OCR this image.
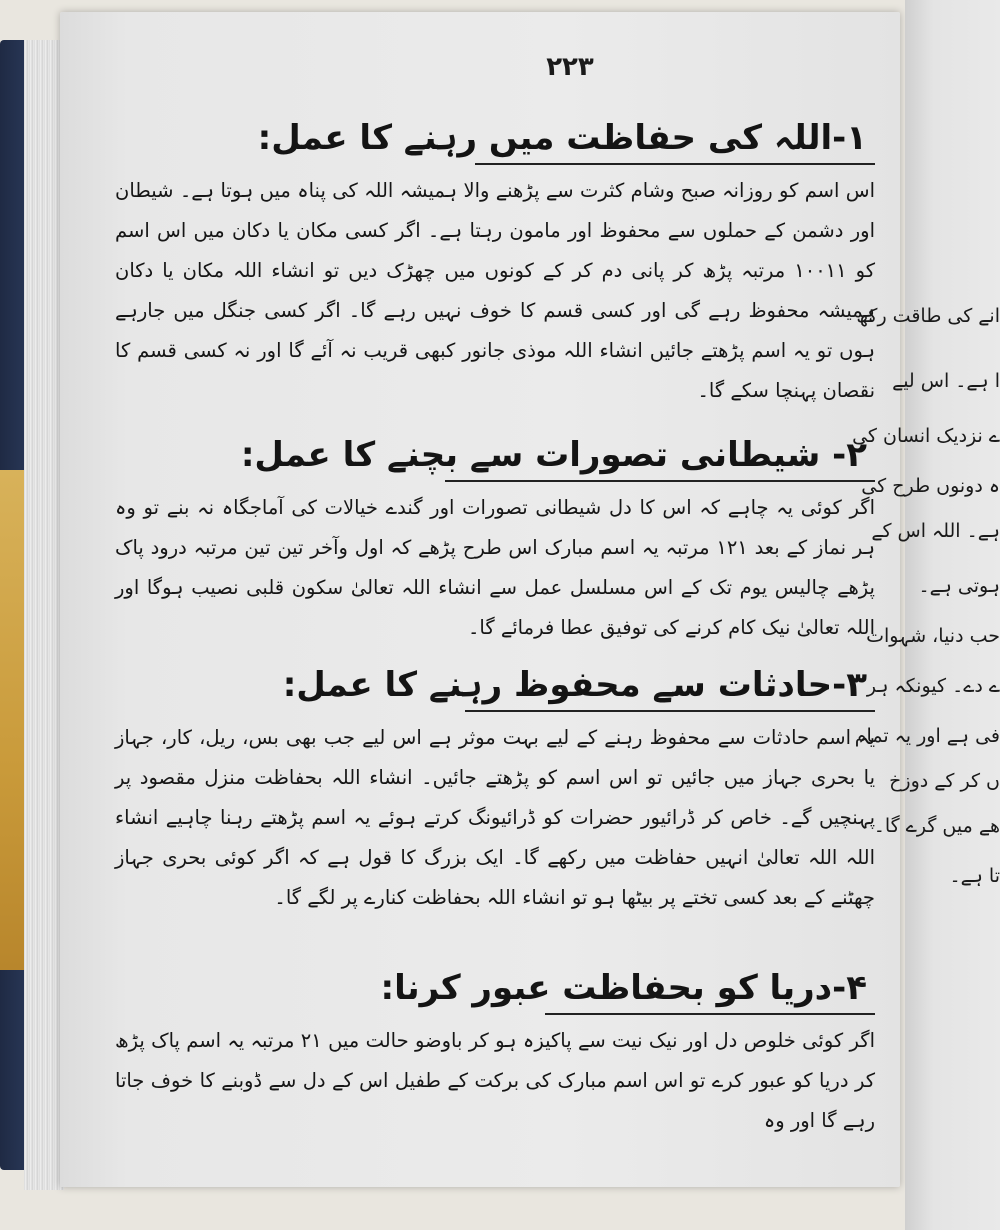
۲۲۳
۱-اللہ کی حفاظت میں رہنے کا عمل:
اس اسم کو روزانہ صبح وشام کثرت سے پڑھنے والا ہمیشہ اللہ کی پناہ میں ہوتا ہے۔ شیطان اور دشمن کے حملوں سے محفوظ اور مامون رہتا ہے۔ اگر کسی مکان یا دکان میں اس اسم کو ۱۰۰۱۱ مرتبہ پڑھ کر پانی دم کر کے کونوں میں چھڑک دیں تو انشاء اللہ مکان یا دکان ہمیشہ محفوظ رہے گی اور کسی قسم کا خوف نہیں رہے گا۔ اگر کسی جنگل میں جارہے ہوں تو یہ اسم پڑھتے جائیں انشاء اللہ موذی جانور کبھی قریب نہ آئے گا اور نہ کسی قسم کا نقصان پہنچا سکے گا۔
۲- شیطانی تصورات سے بچنے کا عمل:
اگر کوئی یہ چاہے کہ اس کا دل شیطانی تصورات اور گندے خیالات کی آماجگاہ نہ بنے تو وہ ہر نماز کے بعد ۱۲۱ مرتبہ یہ اسم مبارک اس طرح پڑھے کہ اول وآخر تین تین مرتبہ درود پاک پڑھے چالیس یوم تک کے اس مسلسل عمل سے انشاء اللہ تعالیٰ سکون قلبی نصیب ہوگا اور اللہ تعالیٰ نیک کام کرنے کی توفیق عطا فرمائے گا۔
۳-حادثات سے محفوظ رہنے کا عمل:
یہ اسم حادثات سے محفوظ رہنے کے لیے بہت موثر ہے اس لیے جب بھی بس، ریل، کار، جہاز یا بحری جہاز میں جائیں تو اس اسم کو پڑھتے جائیں۔ انشاء اللہ بحفاظت منزل مقصود پر پہنچیں گے۔ خاص کر ڈرائیور حضرات کو ڈرائیونگ کرتے ہوئے یہ اسم پڑھتے رہنا چاہیے انشاء اللہ اللہ تعالیٰ انہیں حفاظت میں رکھے گا۔ ایک بزرگ کا قول ہے کہ اگر کوئی بحری جہاز چھٹنے کے بعد کسی تختے پر بیٹھا ہو تو انشاء اللہ بحفاظت کنارے پر لگے گا۔
۴-دریا کو بحفاظت عبور کرنا:
اگر کوئی خلوص دل اور نیک نیت سے پاکیزہ ہو کر باوضو حالت میں ۲۱ مرتبہ یہ اسم پاک پڑھ کر دریا کو عبور کرے تو اس اسم مبارک کی برکت کے طفیل اس کے دل سے ڈوبنے کا خوف جاتا رہے گا اور وہ
انے کی طاقت رکھ
ا ہے۔ اس لیے
ے نزدیک انسان کی
ہ دونوں طرح کی
ہے۔ اللہ اس کے
ہوتی ہے۔
حب دنیا، شہوات
ے دے۔ کیونکہ ہر
فی ہے اور یہ تمام
ں کر کے دوزخ
ھے میں گرے گا۔
تا ہے۔
